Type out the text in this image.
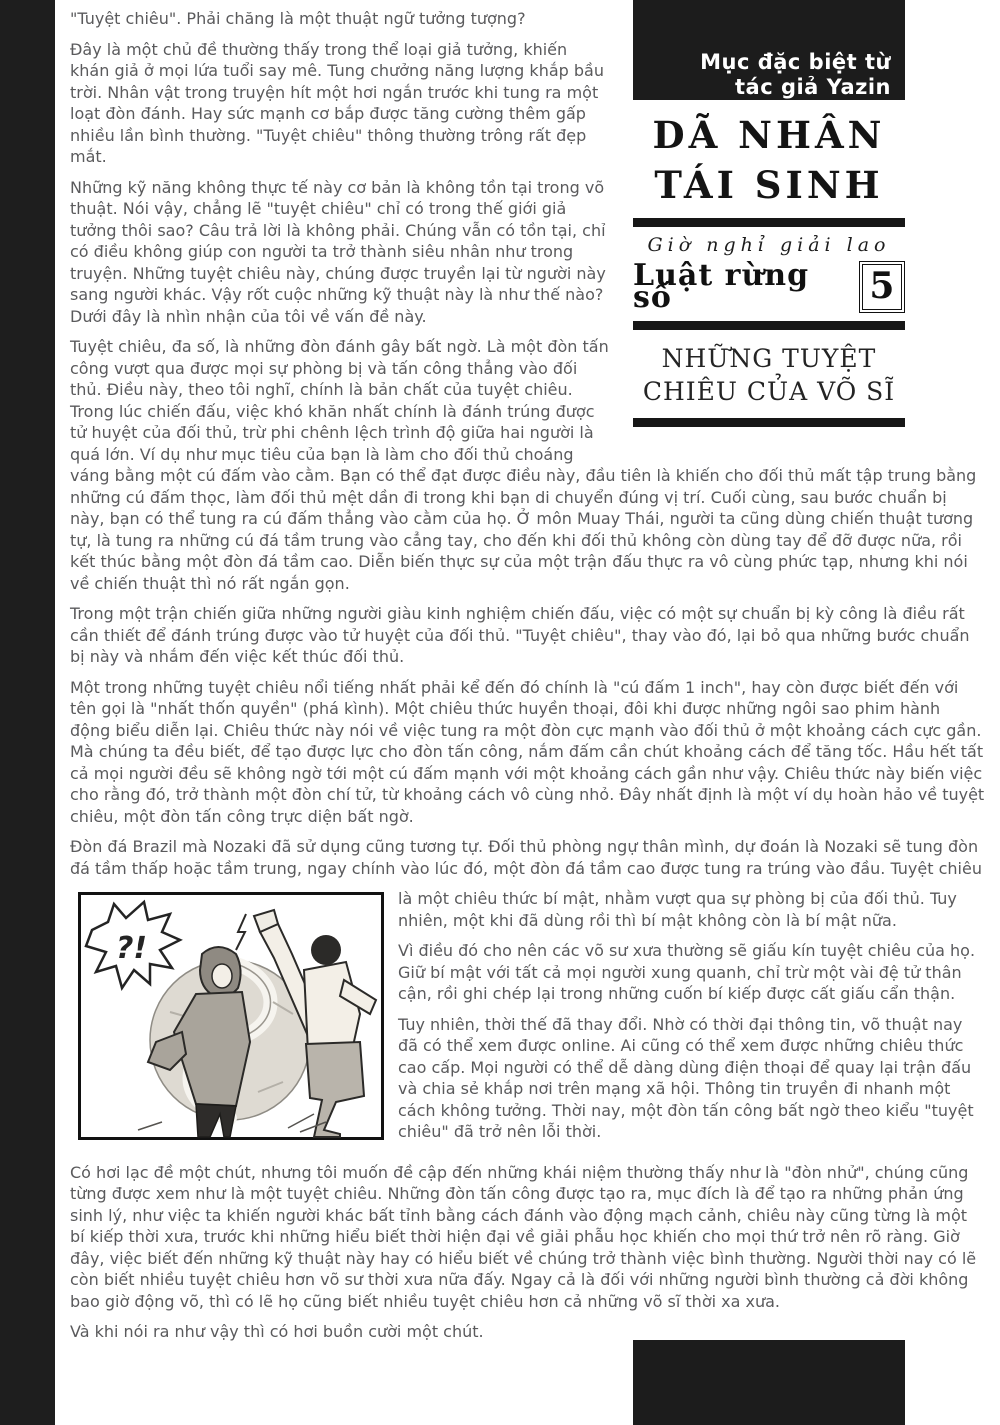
Mục đặc biệt từ
tác giả Yazin
DÃ NHÂN
TÁI SINH
Giờ nghỉ giải lao
Luật rừng số	5
NHỮNG TUYỆT
CHIÊU CỦA VÕ SĨ

"Tuyệt chiêu". Phải chăng là một thuật ngữ tưởng tượng?

Đây là một chủ đề thường thấy trong thể loại giả tưởng, khiến khán giả ở mọi lứa tuổi say mê. Tung chưởng năng lượng khắp bầu trời. Nhân vật trong truyện hít một hơi ngắn trước khi tung ra một loạt đòn đánh. Hay sức mạnh cơ bắp được tăng cường thêm gấp nhiều lần bình thường. "Tuyệt chiêu" thông thường trông rất đẹp mắt.

Những kỹ năng không thực tế này cơ bản là không tồn tại trong võ thuật. Nói vậy, chẳng lẽ "tuyệt chiêu" chỉ có trong thế giới giả tưởng thôi sao? Câu trả lời là không phải. Chúng vẫn có tồn tại, chỉ có điều không giúp con người ta trở thành siêu nhân như trong truyện. Những tuyệt chiêu này, chúng được truyền lại từ người này sang người khác. Vậy rốt cuộc những kỹ thuật này là như thế nào? Dưới đây là nhìn nhận của tôi về vấn đề này.

Tuyệt chiêu, đa số, là những đòn đánh gây bất ngờ. Là một đòn tấn công vượt qua được mọi sự phòng bị và tấn công thẳng vào đối thủ. Điều này, theo tôi nghĩ, chính là bản chất của tuyệt chiêu. Trong lúc chiến đấu, việc khó khăn nhất chính là đánh trúng được tử huyệt của đối thủ, trừ phi chênh lệch trình độ giữa hai người là quá lớn. Ví dụ như mục tiêu của bạn là làm cho đối thủ choáng váng bằng một cú đấm vào cằm. Bạn có thể đạt được điều này, đầu tiên là khiến cho đối thủ mất tập trung bằng những cú đấm thọc, làm đối thủ mệt dần đi trong khi bạn di chuyển đúng vị trí. Cuối cùng, sau bước chuẩn bị này, bạn có thể tung ra cú đấm thẳng vào cằm của họ. Ở môn Muay Thái, người ta cũng dùng chiến thuật tương tự, là tung ra những cú đá tầm trung vào cẳng tay, cho đến khi đối thủ không còn dùng tay để đỡ được nữa, rồi kết thúc bằng một đòn đá tầm cao. Diễn biến thực sự của một trận đấu thực ra vô cùng phức tạp, nhưng khi nói về chiến thuật thì nó rất ngắn gọn.

Trong một trận chiến giữa những người giàu kinh nghiệm chiến đấu, việc có một sự chuẩn bị kỳ công là điều rất cần thiết để đánh trúng được vào tử huyệt của đối thủ. "Tuyệt chiêu", thay vào đó, lại bỏ qua những bước chuẩn bị này và nhắm đến việc kết thúc đối thủ.

Một trong những tuyệt chiêu nổi tiếng nhất phải kể đến đó chính là "cú đấm 1 inch", hay còn được biết đến với tên gọi là "nhất thốn quyền" (phá kình). Một chiêu thức huyền thoại, đôi khi được những ngôi sao phim hành động biểu diễn lại. Chiêu thức này nói về việc tung ra một đòn cực mạnh vào đối thủ ở một khoảng cách cực gần. Mà chúng ta đều biết, để tạo được lực cho đòn tấn công, nắm đấm cần chút khoảng cách để tăng tốc. Hầu hết tất cả mọi người đều sẽ không ngờ tới một cú đấm mạnh với một khoảng cách gần như vậy. Chiêu thức này biến việc cho rằng đó, trở thành một đòn chí tử, từ khoảng cách vô cùng nhỏ. Đây nhất định là một ví dụ hoàn hảo về tuyệt chiêu, một đòn tấn công trực diện bất ngờ.

Đòn đá Brazil mà Nozaki đã sử dụng cũng tương tự. Đối thủ phòng ngự thân mình, dự đoán là Nozaki sẽ tung đòn đá tầm thấp hoặc tầm trung, ngay chính vào lúc đó, một đòn đá tầm cao được tung ra trúng vào đầu. Tuyệt chiêu

?!

là một chiêu thức bí mật, nhằm vượt qua sự phòng bị của đối thủ. Tuy nhiên, một khi đã dùng rồi thì bí mật không còn là bí mật nữa.

Vì điều đó cho nên các võ sư xưa thường sẽ giấu kín tuyệt chiêu của họ. Giữ bí mật với tất cả mọi người xung quanh, chỉ trừ một vài đệ tử thân cận, rồi ghi chép lại trong những cuốn bí kiếp được cất giấu cẩn thận.

Tuy nhiên, thời thế đã thay đổi. Nhờ có thời đại thông tin, võ thuật nay đã có thể xem được online. Ai cũng có thể xem được những chiêu thức cao cấp. Mọi người có thể dễ dàng dùng điện thoại để quay lại trận đấu và chia sẻ khắp nơi trên mạng xã hội. Thông tin truyền đi nhanh một cách không tưởng. Thời nay, một đòn tấn công bất ngờ theo kiểu "tuyệt chiêu" đã trở nên lỗi thời.

Có hơi lạc đề một chút, nhưng tôi muốn đề cập đến những khái niệm thường thấy như là "đòn nhử", chúng cũng từng được xem như là một tuyệt chiêu. Những đòn tấn công được tạo ra, mục đích là để tạo ra những phản ứng sinh lý, như việc ta khiến người khác bất tỉnh bằng cách đánh vào động mạch cảnh, chiêu này cũng từng là một bí kiếp thời xưa, trước khi những hiểu biết thời hiện đại về giải phẫu học khiến cho mọi thứ trở nên rõ ràng. Giờ đây, việc biết đến những kỹ thuật này hay có hiểu biết về chúng trở thành việc bình thường. Người thời nay có lẽ còn biết nhiều tuyệt chiêu hơn võ sư thời xưa nữa đấy. Ngay cả là đối với những người bình thường cả đời không bao giờ động võ, thì có lẽ họ cũng biết nhiều tuyệt chiêu hơn cả những võ sĩ thời xa xưa.

Và khi nói ra như vậy thì có hơi buồn cười một chút.
